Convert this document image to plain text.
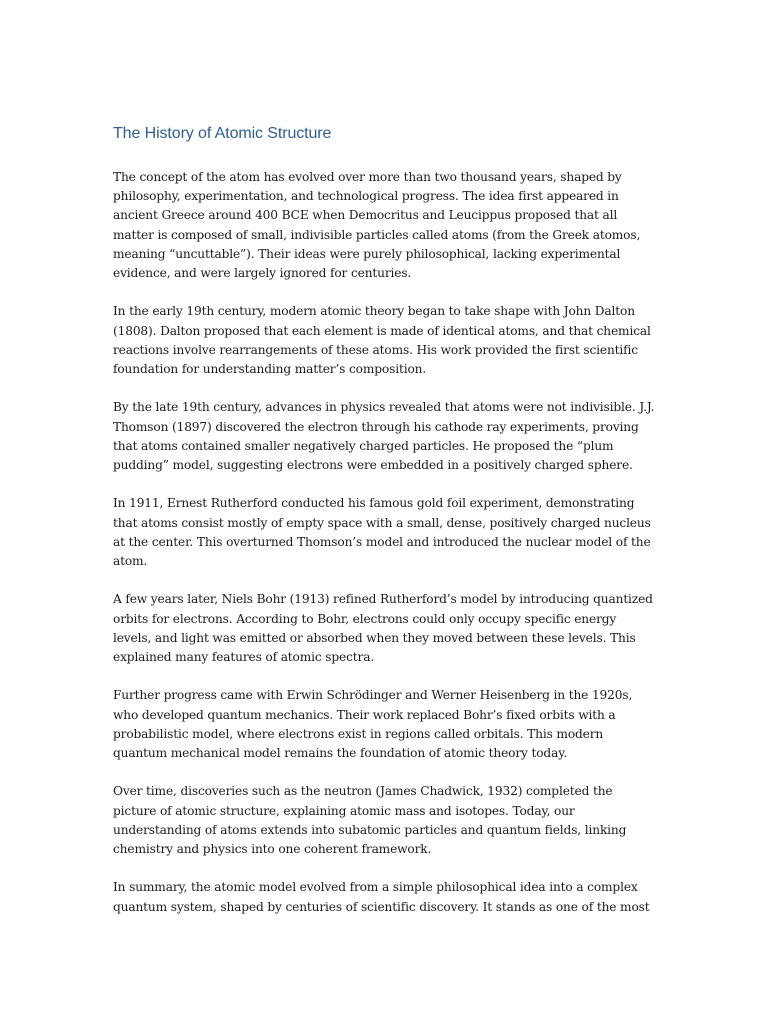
The History of Atomic Structure

The concept of the atom has evolved over more than two thousand years, shaped by philosophy, experimentation, and technological progress. The idea first appeared in ancient Greece around 400 BCE when Democritus and Leucippus proposed that all matter is composed of small, indivisible particles called atoms (from the Greek atomos, meaning “uncuttable”). Their ideas were purely philosophical, lacking experimental evidence, and were largely ignored for centuries.

In the early 19th century, modern atomic theory began to take shape with John Dalton (1808). Dalton proposed that each element is made of identical atoms, and that chemical reactions involve rearrangements of these atoms. His work provided the first scientific foundation for understanding matter’s composition.

By the late 19th century, advances in physics revealed that atoms were not indivisible. J.J. Thomson (1897) discovered the electron through his cathode ray experiments, proving that atoms contained smaller negatively charged particles. He proposed the “plum pudding” model, suggesting electrons were embedded in a positively charged sphere.

In 1911, Ernest Rutherford conducted his famous gold foil experiment, demonstrating that atoms consist mostly of empty space with a small, dense, positively charged nucleus at the center. This overturned Thomson’s model and introduced the nuclear model of the atom.

A few years later, Niels Bohr (1913) refined Rutherford’s model by introducing quantized orbits for electrons. According to Bohr, electrons could only occupy specific energy levels, and light was emitted or absorbed when they moved between these levels. This explained many features of atomic spectra.

Further progress came with Erwin Schrödinger and Werner Heisenberg in the 1920s, who developed quantum mechanics. Their work replaced Bohr’s fixed orbits with a probabilistic model, where electrons exist in regions called orbitals. This modern quantum mechanical model remains the foundation of atomic theory today.

Over time, discoveries such as the neutron (James Chadwick, 1932) completed the picture of atomic structure, explaining atomic mass and isotopes. Today, our understanding of atoms extends into subatomic particles and quantum fields, linking chemistry and physics into one coherent framework.

In summary, the atomic model evolved from a simple philosophical idea into a complex quantum system, shaped by centuries of scientific discovery. It stands as one of the most
